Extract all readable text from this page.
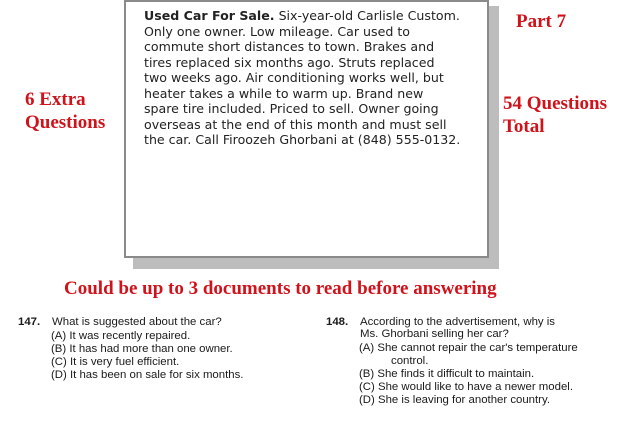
Used Car For Sale. Six-year-old Carlisle Custom.
Only one owner. Low mileage. Car used to
commute short distances to town. Brakes and
tires replaced six months ago. Struts replaced
two weeks ago. Air conditioning works well, but
heater takes a while to warm up. Brand new
spare tire included. Priced to sell. Owner going
overseas at the end of this month and must sell
the car. Call Firoozeh Ghorbani at (848) 555-0132.
Part 7
6 Extra
Questions
54 Questions
Total
Could be up to 3 documents to read before answering
147. What is suggested about the car?
(A) It was recently repaired.
(B) It has had more than one owner.
(C) It is very fuel efficient.
(D) It has been on sale for six months.
148. According to the advertisement, why is
Ms. Ghorbani selling her car?
(A) She cannot repair the car's temperature
control.
(B) She finds it difficult to maintain.
(C) She would like to have a newer model.
(D) She is leaving for another country.
